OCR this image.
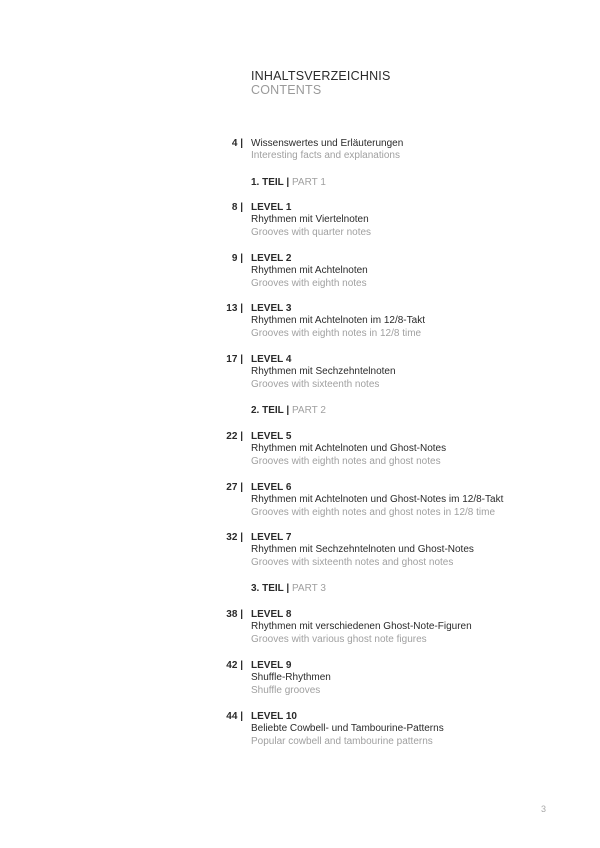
INHALTSVERZEICHNIS
CONTENTS
4 | Wissenswertes und Erläuterungen
Interesting facts and explanations
1. TEIL | PART 1
8 | LEVEL 1
Rhythmen mit Viertelnoten
Grooves with quarter notes
9 | LEVEL 2
Rhythmen mit Achtelnoten
Grooves with eighth notes
13 | LEVEL 3
Rhythmen mit Achtelnoten im 12/8-Takt
Grooves with eighth notes in 12/8 time
17 | LEVEL 4
Rhythmen mit Sechzehntelnoten
Grooves with sixteenth notes
2. TEIL | PART 2
22 | LEVEL 5
Rhythmen mit Achtelnoten und Ghost-Notes
Grooves with eighth notes and ghost notes
27 | LEVEL 6
Rhythmen mit Achtelnoten und Ghost-Notes im 12/8-Takt
Grooves with eighth notes and ghost notes in 12/8 time
32 | LEVEL 7
Rhythmen mit Sechzehntelnoten und Ghost-Notes
Grooves with sixteenth notes and ghost notes
3. TEIL | PART 3
38 | LEVEL 8
Rhythmen mit verschiedenen Ghost-Note-Figuren
Grooves with various ghost note figures
42 | LEVEL 9
Shuffle-Rhythmen
Shuffle grooves
44 | LEVEL 10
Beliebte Cowbell- und Tambourine-Patterns
Popular cowbell and tambourine patterns
3
